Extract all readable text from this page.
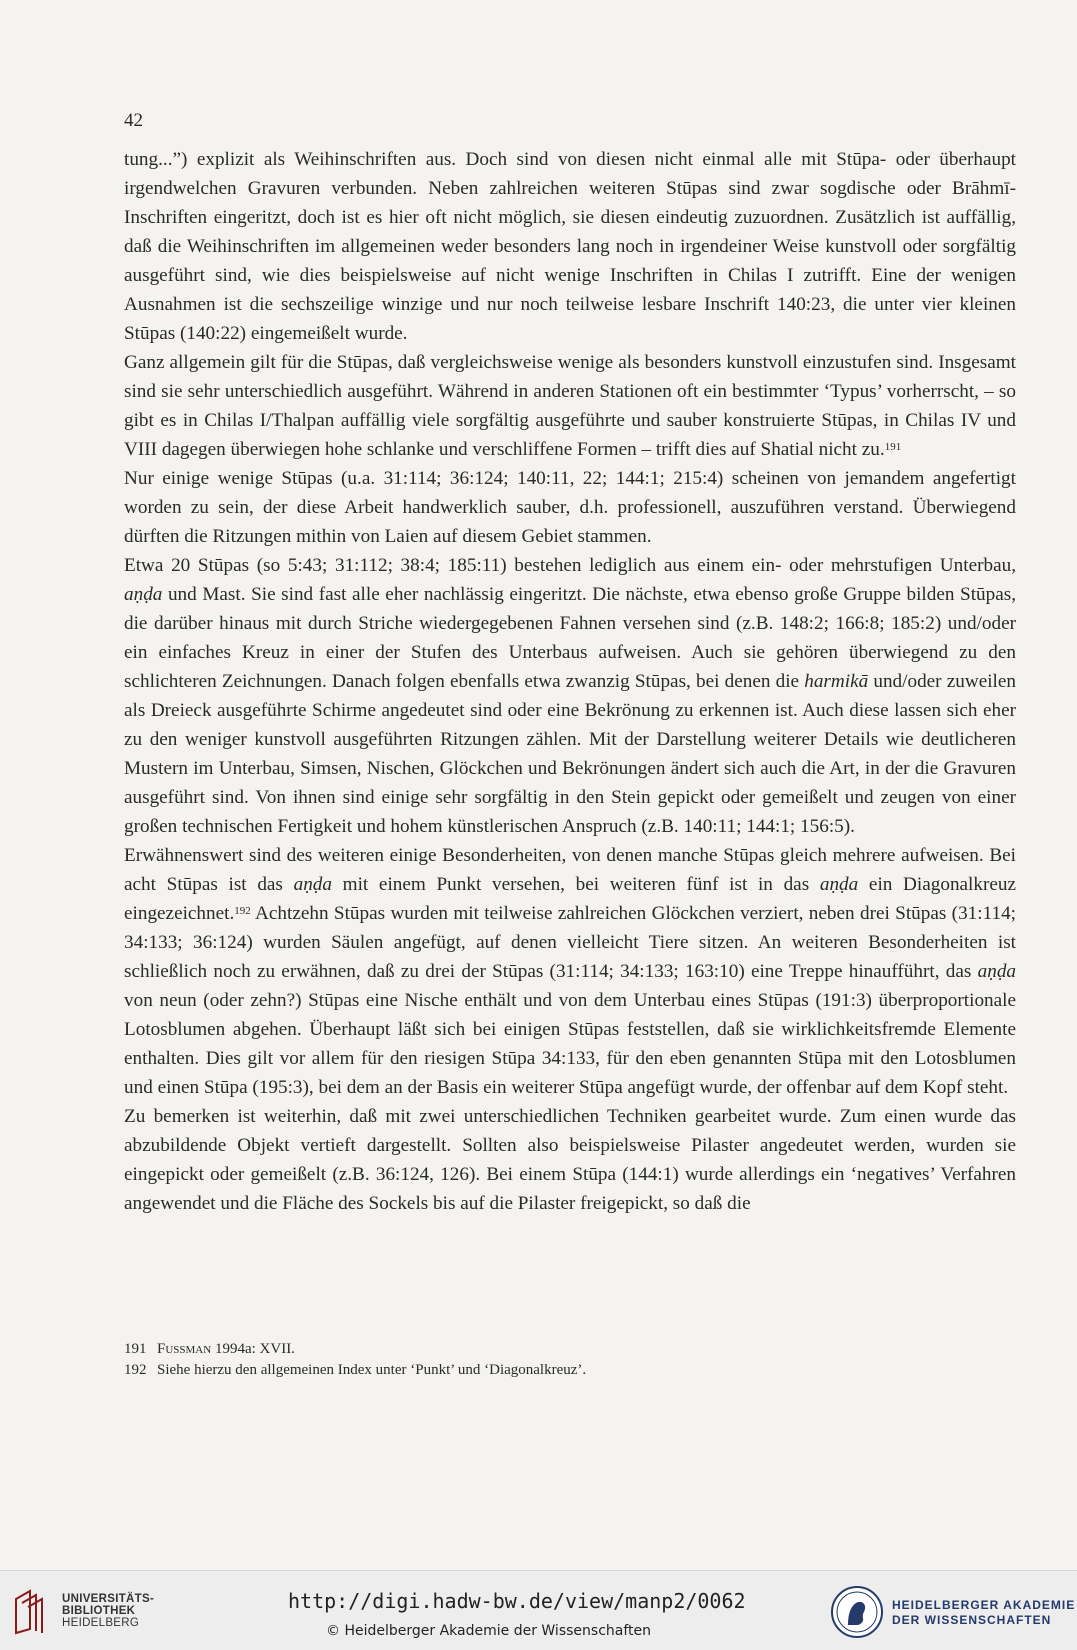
42

tung...”) explizit als Weihinschriften aus. Doch sind von diesen nicht einmal alle mit Stūpa- oder überhaupt irgendwelchen Gravuren verbunden. Neben zahlreichen weiteren Stūpas sind zwar sogdische oder Brāhmī-Inschriften eingeritzt, doch ist es hier oft nicht möglich, sie diesen eindeutig zuzuordnen. Zusätzlich ist auffällig, daß die Weihinschriften im allgemeinen weder besonders lang noch in irgendeiner Weise kunstvoll oder sorgfältig ausgeführt sind, wie dies beispielsweise auf nicht wenige Inschriften in Chilas I zutrifft. Eine der wenigen Ausnahmen ist die sechszeilige winzige und nur noch teilweise lesbare Inschrift 140:23, die unter vier kleinen Stūpas (140:22) eingemeißelt wurde.

Ganz allgemein gilt für die Stūpas, daß vergleichsweise wenige als besonders kunstvoll einzustufen sind. Insgesamt sind sie sehr unterschiedlich ausgeführt. Während in anderen Stationen oft ein bestimmter ‘Typus’ vorherrscht, – so gibt es in Chilas I/Thalpan auffällig viele sorgfältig ausgeführte und sauber konstruierte Stūpas, in Chilas IV und VIII dagegen überwiegen hohe schlanke und verschliffene Formen – trifft dies auf Shatial nicht zu.$^{191}$

Nur einige wenige Stūpas (u.a. 31:114; 36:124; 140:11, 22; 144:1; 215:4) scheinen von jemandem angefertigt worden zu sein, der diese Arbeit handwerklich sauber, d.h. professionell, auszuführen verstand. Überwiegend dürften die Ritzungen mithin von Laien auf diesem Gebiet stammen.

Etwa 20 Stūpas (so 5:43; 31:112; 38:4; 185:11) bestehen lediglich aus einem ein- oder mehrstufigen Unterbau, aṇḍa und Mast. Sie sind fast alle eher nachlässig eingeritzt. Die nächste, etwa ebenso große Gruppe bilden Stūpas, die darüber hinaus mit durch Striche wiedergegebenen Fahnen versehen sind (z.B. 148:2; 166:8; 185:2) und/oder ein einfaches Kreuz in einer der Stufen des Unterbaus aufweisen. Auch sie gehören überwiegend zu den schlichteren Zeichnungen. Danach folgen ebenfalls etwa zwanzig Stūpas, bei denen die harmikā und/oder zuweilen als Dreieck ausgeführte Schirme angedeutet sind oder eine Bekrönung zu erkennen ist. Auch diese lassen sich eher zu den weniger kunstvoll ausgeführten Ritzungen zählen. Mit der Darstellung weiterer Details wie deutlicheren Mustern im Unterbau, Simsen, Nischen, Glöckchen und Bekrönungen ändert sich auch die Art, in der die Gravuren ausgeführt sind. Von ihnen sind einige sehr sorgfältig in den Stein gepickt oder gemeißelt und zeugen von einer großen technischen Fertigkeit und hohem künstlerischen Anspruch (z.B. 140:11; 144:1; 156:5).

Erwähnenswert sind des weiteren einige Besonderheiten, von denen manche Stūpas gleich mehrere aufweisen. Bei acht Stūpas ist das aṇḍa mit einem Punkt versehen, bei weiteren fünf ist in das aṇḍa ein Diagonalkreuz eingezeichnet.$^{192}$ Achtzehn Stūpas wurden mit teilweise zahlreichen Glöckchen verziert, neben drei Stūpas (31:114; 34:133; 36:124) wurden Säulen angefügt, auf denen vielleicht Tiere sitzen. An weiteren Besonderheiten ist schließlich noch zu erwähnen, daß zu drei der Stūpas (31:114; 34:133; 163:10) eine Treppe hinaufführt, das aṇḍa von neun (oder zehn?) Stūpas eine Nische enthält und von dem Unterbau eines Stūpas (191:3) überproportionale Lotosblumen abgehen. Überhaupt läßt sich bei einigen Stūpas feststellen, daß sie wirklichkeitsfremde Elemente enthalten. Dies gilt vor allem für den riesigen Stūpa 34:133, für den eben genannten Stūpa mit den Lotosblumen und einen Stūpa (195:3), bei dem an der Basis ein weiterer Stūpa angefügt wurde, der offenbar auf dem Kopf steht.

Zu bemerken ist weiterhin, daß mit zwei unterschiedlichen Techniken gearbeitet wurde. Zum einen wurde das abzubildende Objekt vertieft dargestellt. Sollten also beispielsweise Pilaster angedeutet werden, wurden sie eingepickt oder gemeißelt (z.B. 36:124, 126). Bei einem Stūpa (144:1) wurde allerdings ein ‘negatives’ Verfahren angewendet und die Fläche des Sockels bis auf die Pilaster freigepickt, so daß die

191 Fussman 1994a: XVII.
192 Siehe hierzu den allgemeinen Index unter ‘Punkt’ und ‘Diagonalkreuz’.
UNIVERSITÄTS-
BIBLIOTHEK
HEIDELBERG
http://digi.hadw-bw.de/view/manp2/0062
© Heidelberger Akademie der Wissenschaften
HEIDELBERGER AKADEMIE
DER WISSENSCHAFTEN
